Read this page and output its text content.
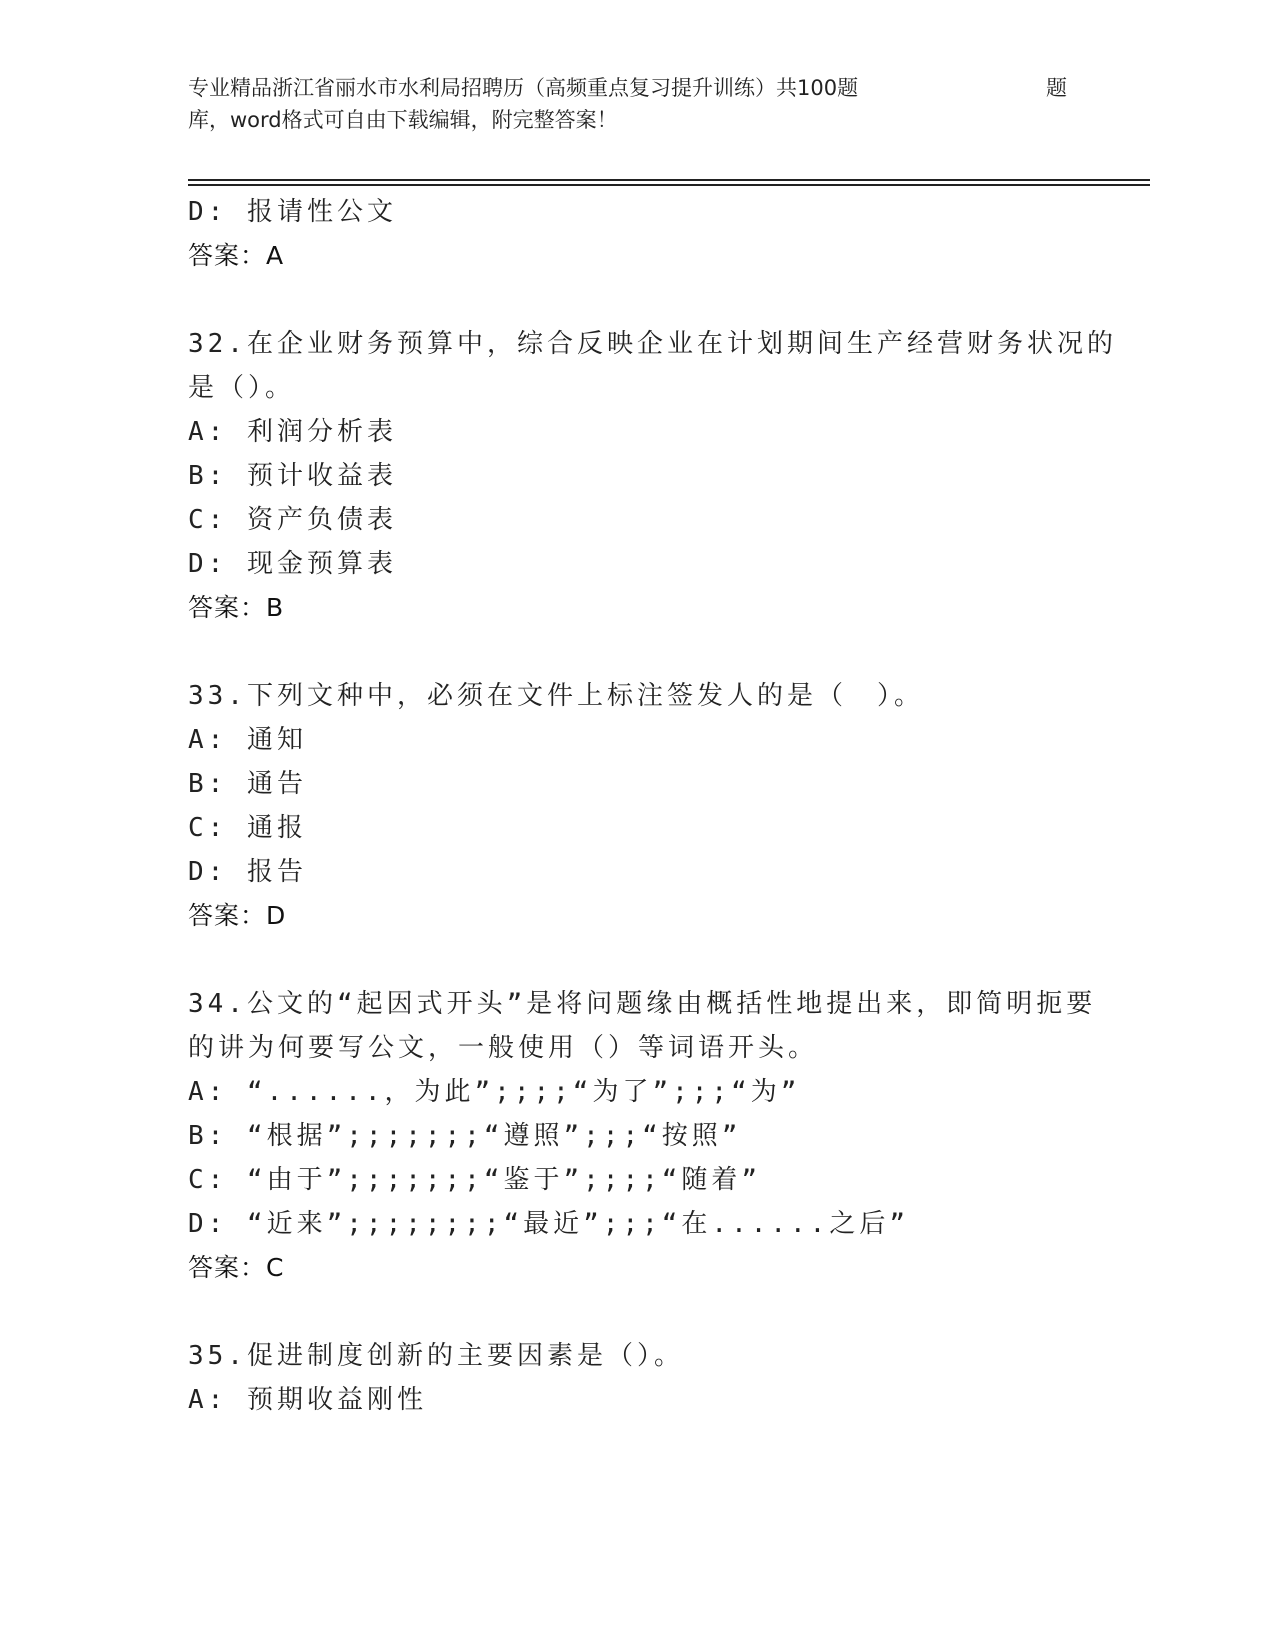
专业精品浙江省丽水市水利局招聘历（高频重点复习提升训练）共100题	题
库，word格式可自由下载编辑，附完整答案！
D: 报请性公文
答案：A
32.在企业财务预算中，综合反映企业在计划期间生产经营财务状况的
是（）。
A: 利润分析表
B: 预计收益表
C: 资产负债表
D: 现金预算表
答案：B
33.下列文种中，必须在文件上标注签发人的是（　）。
A: 通知
B: 通告
C: 通报
D: 报告
答案：D
34.公文的“起因式开头”是将问题缘由概括性地提出来，即简明扼要
的讲为何要写公文，一般使用（）等词语开头。
A: “......，为此”;;;;“为了”;;;“为”
B: “根据”;;;;;;;“遵照”;;;“按照”
C: “由于”;;;;;;;“鉴于”;;;;“随着”
D: “近来”;;;;;;;;“最近”;;;“在......之后”
答案：C
35.促进制度创新的主要因素是（）。
A: 预期收益刚性
